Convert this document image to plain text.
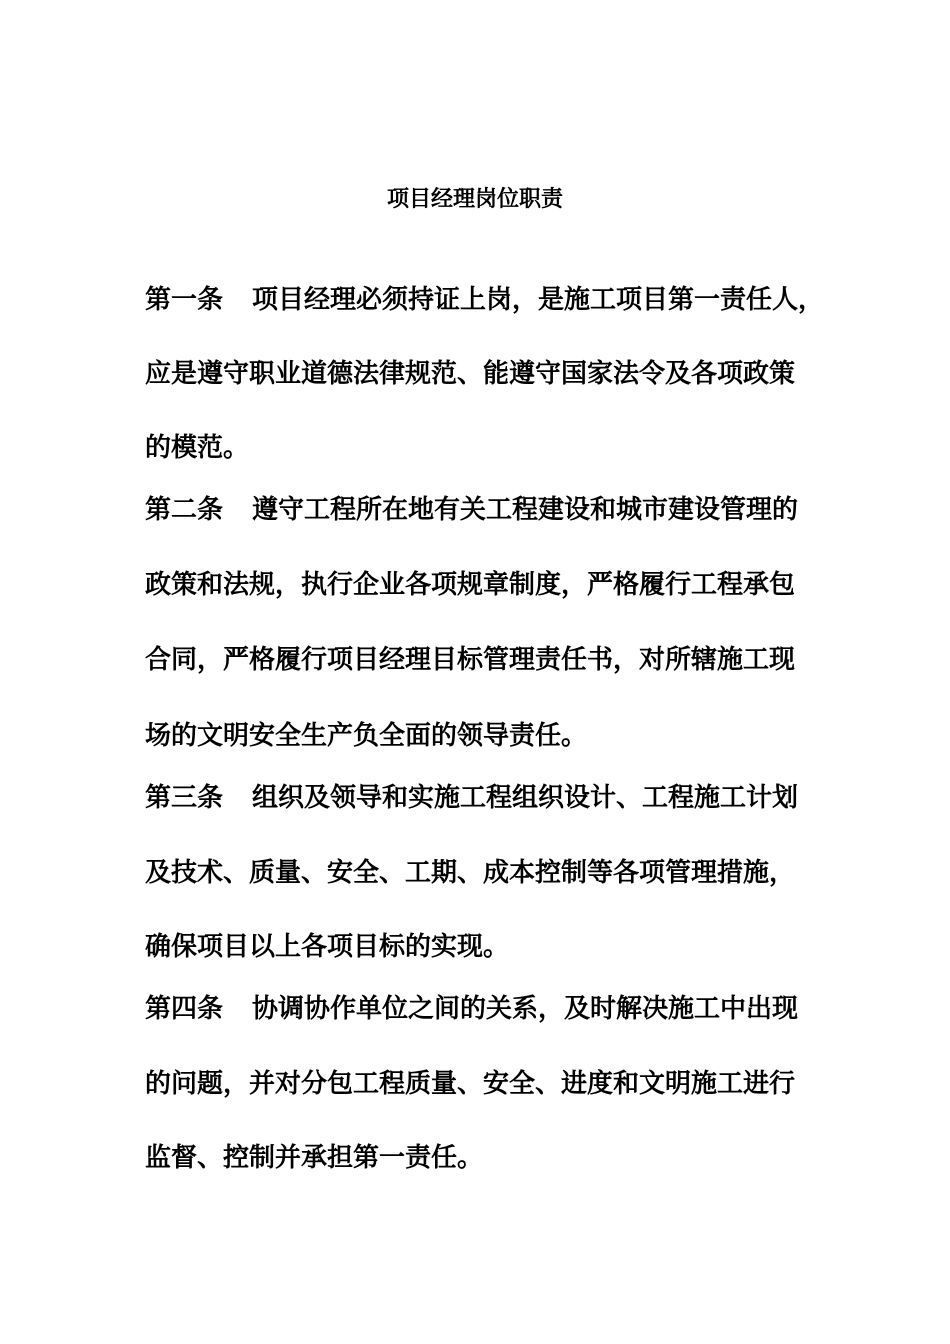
项目经理岗位职责
第一条 项目经理必须持证上岗，是施工项目第一责任人，
应是遵守职业道德法律规范、能遵守国家法令及各项政策
的模范。
第二条 遵守工程所在地有关工程建设和城市建设管理的
政策和法规，执行企业各项规章制度，严格履行工程承包
合同，严格履行项目经理目标管理责任书，对所辖施工现
场的文明安全生产负全面的领导责任。
第三条 组织及领导和实施工程组织设计、工程施工计划
及技术、质量、安全、工期、成本控制等各项管理措施，
确保项目以上各项目标的实现。
第四条 协调协作单位之间的关系，及时解决施工中出现
的问题，并对分包工程质量、安全、进度和文明施工进行
监督、控制并承担第一责任。
